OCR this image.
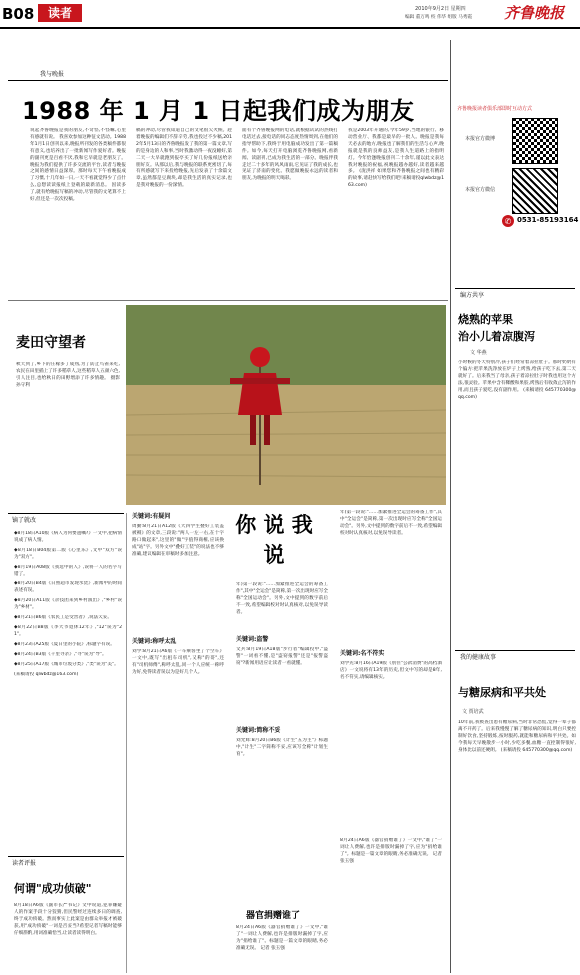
B08	读者	2010年9月2日 星期四
编辑 董万鸣 校 伟华 组版 马秀霞 齐鲁晚报
我与晚报
1988 年 1 月 1 日起我们成为朋友
说起齐鲁晚报是我的朋友,不奇怪,不怪嘛,心里有感就有说。 我喜欢参加这种征文活动。1988年1月1日创刊以来,晚报所刊发的各类稿件都很有意义,也培养出了一批新闻写作爱好者。晚报的副刊更是百看不厌,我和它早就是老朋友了。晚报为我们提供了许多交流的平台,读者与晚报之间的感情日益深厚。那时每天下午看晚报成了习惯,十几年如一日,一天不看就觉得少了点什么,总想读读报纸上登载的最新消息。 因读多了,就有给晚报写稿的冲动,尽管我的文笔算不上好,但还是一次次投稿。
稿的冲动,尽管我知道自己的文笔很欠火候。趁着晚报的编辑们不辞辛劳,我也投过不少稿,2012年5月13日的齐鲁晚报发了我的第一篇文章,写的是身边的人和事,当时我激动得一夜没睡好,第二天一大早就跑到报亭买了好几份报纸送给亲朋好友。从那以后,我与晚报的联系更密切了,每有所感就写下来投给晚报,先后发表了十余篇文章,虽然都是豆腐块,却是我生活的真实记录,也是我对晚报的一份深情。
面有个齐鲁晚报网的电话,就根据试试的热线打电话过去,接电话的同志态度热情周到,在他们的指导帮助下,我终于用电脑成功发出了第一篇稿件。如今,每天打开电脑浏览齐鲁晚报网,看新闻、读副刊,已成为我生活的一部分。晚报伴我走过二十多年的风风雨雨,它见证了我的成长,也见证了济南的变化。我愿做晚报永远的读者和朋友,为晚报的明天喝彩。
我是2003年开通的,今年59岁,当地的银行、移动营业厅、我都是最早的一批人。晚报是我每天必去的地方,晚报也了解我们的生活与心声,晚报就是我的良师益友,是我人生道路上的指明灯。今年恰逢晚报创刊二十余年,谨以此文表达我对晚报的祝福,祝晚报越办越好,读者越来越多。 (庞洪祥 如果您和齐鲁晚报之间也有精彩的故事,请赶快写给我们吧!来稿请投qlwbdz@163.com)
麦田守望者
秋天到了,乡下的庄稼多了成熟,为了防止鸟雀来吃,农民在田里插上了许多稻草人,这些稻草人五颜六色,引人注目,也给秋日的田野增添了许多情趣。 摄影 孙守利
镝了就改
◆8月18日A10版《病人为何要遗嘱?》一文中,把病情说成了病人情。
◆8月18日B04版第二版《心里乐》,文中"双方"误为"双方"。
◆8月19日A08版《我选中的人》,误将一人的名字写错了。
◆8月20日B4版《日照超市发现水货》,新闻中的时间表述有误。
◆8月20日A11版《杂技团来到乡村演出》,"乡村"误为"乡材"。
◆8月21日B6版《农民工是受害者》,说法欠妥。
◆8月22日B8版《李大爷退休12年》,"12"误为"21"。
◆8月23日A25版《夏日里的小院》,标题字有误。
◆8月24日B3版《千里寻亲》,"寻"误为"导"。
◆8月25日A17版《城市垃圾分类》,"类"误为"美"。
(来稿请投 qlwbdz@163.com)
读者评报
何谓"成功侦破"
8月18日A6版《副市长严书记》文中说道,犯罪嫌疑人的作案手段十分狡猾,但民警经过连续多日的调查,终于成功侦破。然而事实上此案是由群众举报才被破获,用"成功侦破"一词是否妥当?希望记者写稿时能够仔细斟酌,用词准确恰当,让读者读得明白。
你 说 我 说
关键词:有疑问
周勤:8月21日A12版《大四学生叠好工装盖被褥》的文章,三段说:"两人一左一右,在十字路口做起来",这里的"做"字值得商榷,应该换成"站"字。另外文中"叠好工装"的说法也不够准确,建议编辑在审稿时多加注意。
关键词:称呼太乱
刘学:8月21日A6版《一车乘客坐了个空车》一文中,既写"出租车司机",又称"的哥",还有"司机师傅",称呼太乱,同一个人应统一称呼为好,免得读者误以为是好几个人。
年)第一段说:"……加紧推进全运会的筹备工作",其中"全运会"是简称,第一次出现时应写全称"全国运动会"。另外,文中提到的数字前后不一致,希望编辑校对时认真核对,以免误导读者。
关键词:盗警
文兵:8月19日A18版"步行者"编辑投中,"盗警"一词看不懂,是"盗窃报警"还是"报警盗窃"?新闻用语应让读者一看就懂。
关键词:简称不妥
刘允辉:8月20日B6版《计生"五为主"》标题中,"计生"二字简称不妥,应该写全称"计划生育"。
年)第一段说:"……加紧推进全运会的筹备工作",其中"全运会"是简称,第一次出现时应写全称"全国运动会"。另外,文中提到的数字前后不一致,希望编辑校对时认真核对,以免误导读者。
关键词:名不符实
刘学先:8月16日A19版《别住"公款消费"的高档酒店》一文说将有13年的历史,但文中写的却是8年,名不符实,请编辑核实。
器官捐赠谁了
8月24日A6版《器官捐赠谁了》一文中,"谁了"一词让人费解,也许是排版时漏掉了字,应为"捐给谁了"。标题是一篇文章的眼睛,务必准确无误。 记者 张玉强
8月24日A6版《器官捐赠谁了》一文中,"谁了"一词让人费解,也许是排版时漏掉了字,应为"捐给谁了"。标题是一篇文章的眼睛,务必准确无误。 记者 张玉强
齐鲁晚报读者俱乐部即时互动方式
本报官方微博
本报官方微信
✆ 0531-85193164
编方共享
烧熟的苹果
治小儿着凉腹泻
文 华燕
小时候的冬天特别冷,孩子们经常着凉拉肚子。那时奶奶有个偏方:把苹果洗净放在炉子上烤熟,给孩子吃下去,第二天就好了。后来我当了母亲,孩子着凉拉肚子时我也用这个方法,很灵验。苹果中含有鞣酸和果胶,烤熟后有收敛止泻的作用,而且孩子爱吃,没有副作用。 (来稿请投 645770300@qq.com)
我的健康故事
与糖尿病和平共处
文 贾培武
10年前,我被查出患有糖尿病,当时非常恐慌,觉得一辈子都离不开药了。后来我慢慢了解了糖尿病的知识,明白只要控制好饮食,坚持锻炼,按时服药,就能和糖尿病和平共处。如今我每天早晚散步一小时,少吃多餐,血糖一直控制得很好,身体比以前还硬朗。 (来稿请投 645770300@qq.com)
